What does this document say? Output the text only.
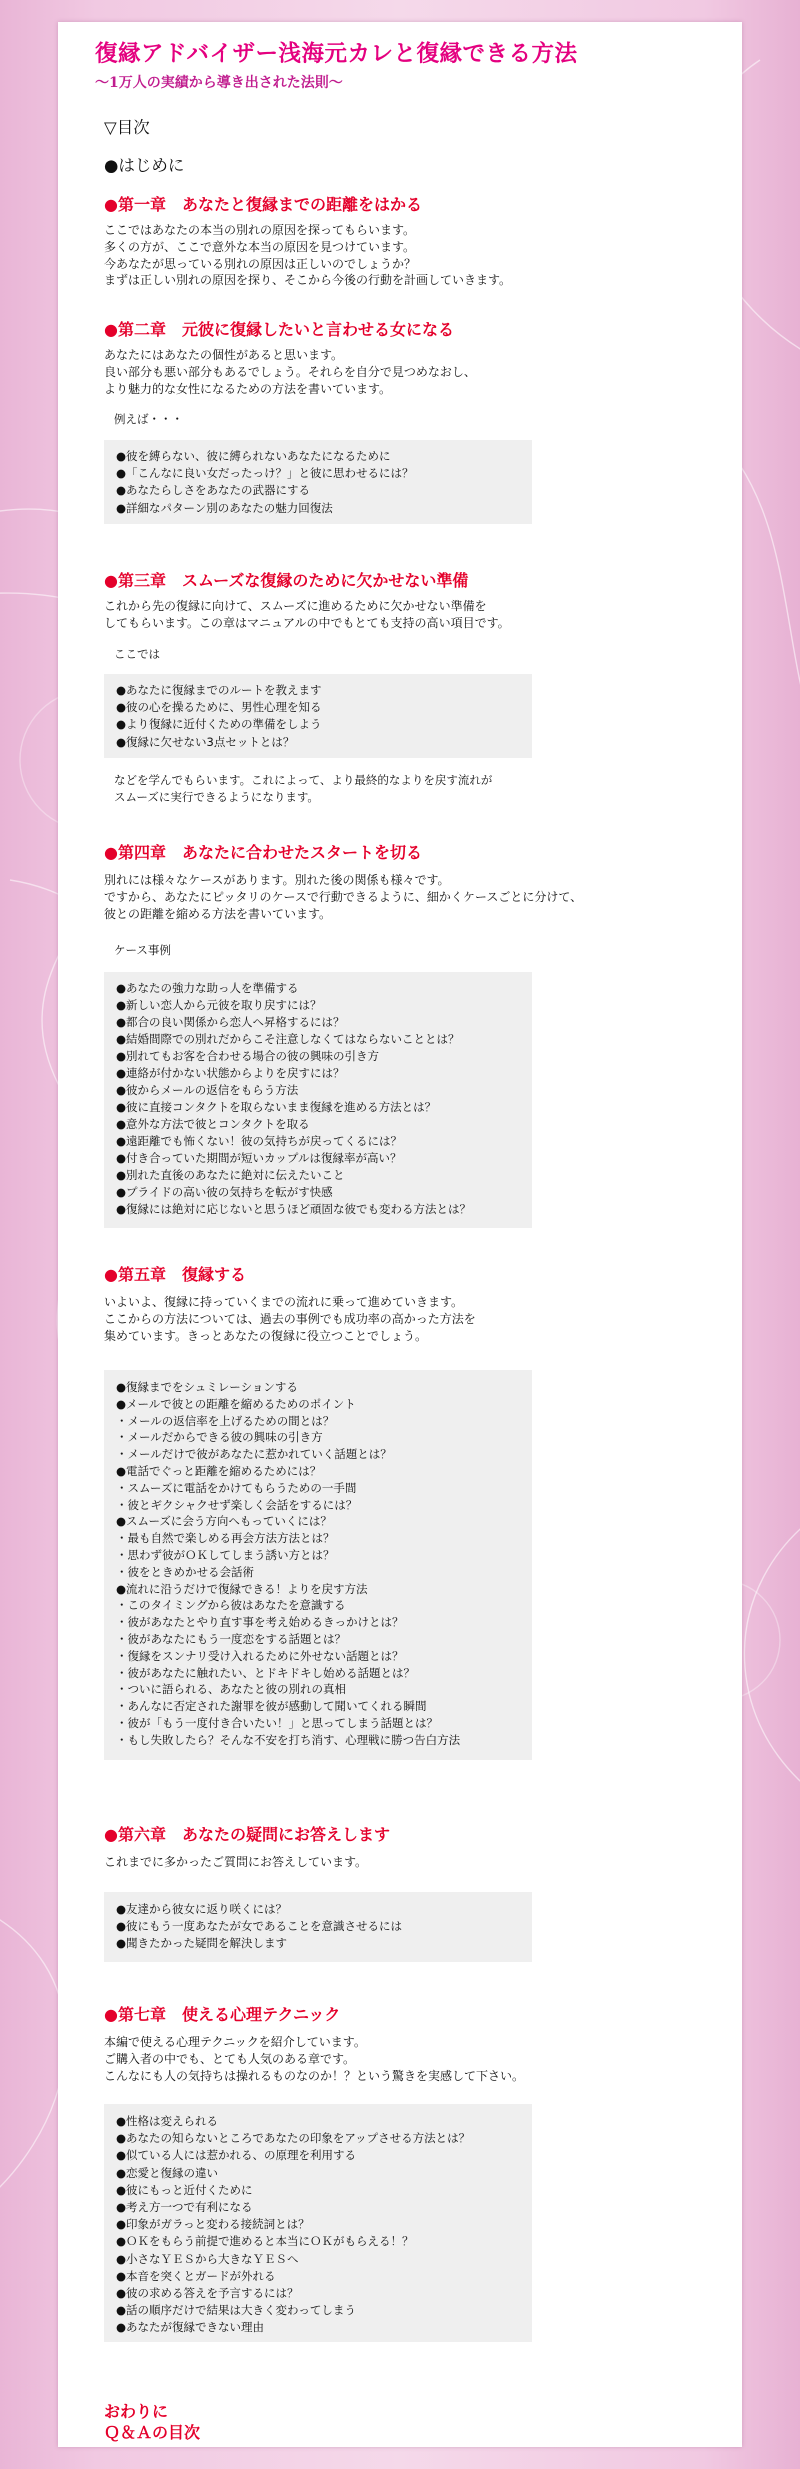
復縁アドバイザー浅海元カレと復縁できる方法

〜1万人の実績から導き出された法則〜

▽目次

●はじめに

●第一章　あなたと復縁までの距離をはかる

ここではあなたの本当の別れの原因を探ってもらいます。
多くの方が、ここで意外な本当の原因を見つけています。
今あなたが思っている別れの原因は正しいのでしょうか？
まずは正しい別れの原因を探り、そこから今後の行動を計画していきます。

●第二章　元彼に復縁したいと言わせる女になる

あなたにはあなたの個性があると思います。
良い部分も悪い部分もあるでしょう。それらを自分で見つめなおし、
より魅力的な女性になるための方法を書いています。

例えば・・・

●彼を縛らない、彼に縛られないあなたになるために
●「こんなに良い女だったっけ？」と彼に思わせるには？
●あなたらしさをあなたの武器にする
●詳細なパターン別のあなたの魅力回復法
●第三章　スムーズな復縁のために欠かせない準備

これから先の復縁に向けて、スムーズに進めるために欠かせない準備を
してもらいます。この章はマニュアルの中でもとても支持の高い項目です。

ここでは

●あなたに復縁までのルートを教えます
●彼の心を操るために、男性心理を知る
●より復縁に近付くための準備をしよう
●復縁に欠せない3点セットとは？

などを学んでもらいます。これによって、より最終的なよりを戻す流れが
スムーズに実行できるようになります。

●第四章　あなたに合わせたスタートを切る

別れには様々なケースがあります。別れた後の関係も様々です。
ですから、あなたにピッタリのケースで行動できるように、細かくケースごとに分けて、
彼との距離を縮める方法を書いています。

ケース事例

●あなたの強力な助っ人を準備する
●新しい恋人から元彼を取り戻すには？
●都合の良い関係から恋人へ昇格するには？
●結婚間際での別れだからこそ注意しなくてはならないこととは？
●別れてもお客を合わせる場合の彼の興味の引き方
●連絡が付かない状態からよりを戻すには？
●彼からメールの返信をもらう方法
●彼に直接コンタクトを取らないまま復縁を進める方法とは？
●意外な方法で彼とコンタクトを取る
●遠距離でも怖くない！彼の気持ちが戻ってくるには？
●付き合っていた期間が短いカップルは復縁率が高い？
●別れた直後のあなたに絶対に伝えたいこと
●プライドの高い彼の気持ちを転がす快感
●復縁には絶対に応じないと思うほど頑固な彼でも変わる方法とは？
●第五章　復縁する

いよいよ、復縁に持っていくまでの流れに乗って進めていきます。
ここからの方法については、過去の事例でも成功率の高かった方法を
集めています。きっとあなたの復縁に役立つことでしょう。

●復縁までをシュミレーションする
●メールで彼との距離を縮めるためのポイント
・メールの返信率を上げるための間とは？
・メールだからできる彼の興味の引き方
・メールだけで彼があなたに惹かれていく話題とは？
●電話でぐっと距離を縮めるためには？
・スムーズに電話をかけてもらうための一手間
・彼とギクシャクせず楽しく会話をするには？
●スムーズに会う方向へもっていくには？
・最も自然で楽しめる再会方法方法とは？
・思わず彼がＯＫしてしまう誘い方とは？
・彼をときめかせる会話術
●流れに沿うだけで復縁できる！よりを戻す方法
・このタイミングから彼はあなたを意識する
・彼があなたとやり直す事を考え始めるきっかけとは？
・彼があなたにもう一度恋をする話題とは？
・復縁をスンナリ受け入れるために外せない話題とは？
・彼があなたに触れたい、とドキドキし始める話題とは？
・ついに語られる、あなたと彼の別れの真相
・あんなに否定された謝罪を彼が感動して聞いてくれる瞬間
・彼が「もう一度付き合いたい！」と思ってしまう話題とは？
・もし失敗したら？そんな不安を打ち消す、心理戦に勝つ告白方法
●第六章　あなたの疑問にお答えします

これまでに多かったご質問にお答えしています。

●友達から彼女に返り咲くには？
●彼にもう一度あなたが女であることを意識させるには
●聞きたかった疑問を解決します
●第七章　使える心理テクニック

本編で使える心理テクニックを紹介しています。
ご購入者の中でも、とても人気のある章です。
こんなにも人の気持ちは操れるものなのか！？という驚きを実感して下さい。

●性格は変えられる
●あなたの知らないところであなたの印象をアップさせる方法とは？
●似ている人には惹かれる、の原理を利用する
●恋愛と復縁の違い
●彼にもっと近付くために
●考え方一つで有利になる
●印象がガラっと変わる接続詞とは？
●ＯＫをもらう前提で進めると本当にＯＫがもらえる！？
●小さなＹＥＳから大きなＹＥＳへ
●本音を突くとガードが外れる
●彼の求める答えを予言するには？
●話の順序だけで結果は大きく変わってしまう
●あなたが復縁できない理由
おわりに
Ｑ＆Ａの目次
